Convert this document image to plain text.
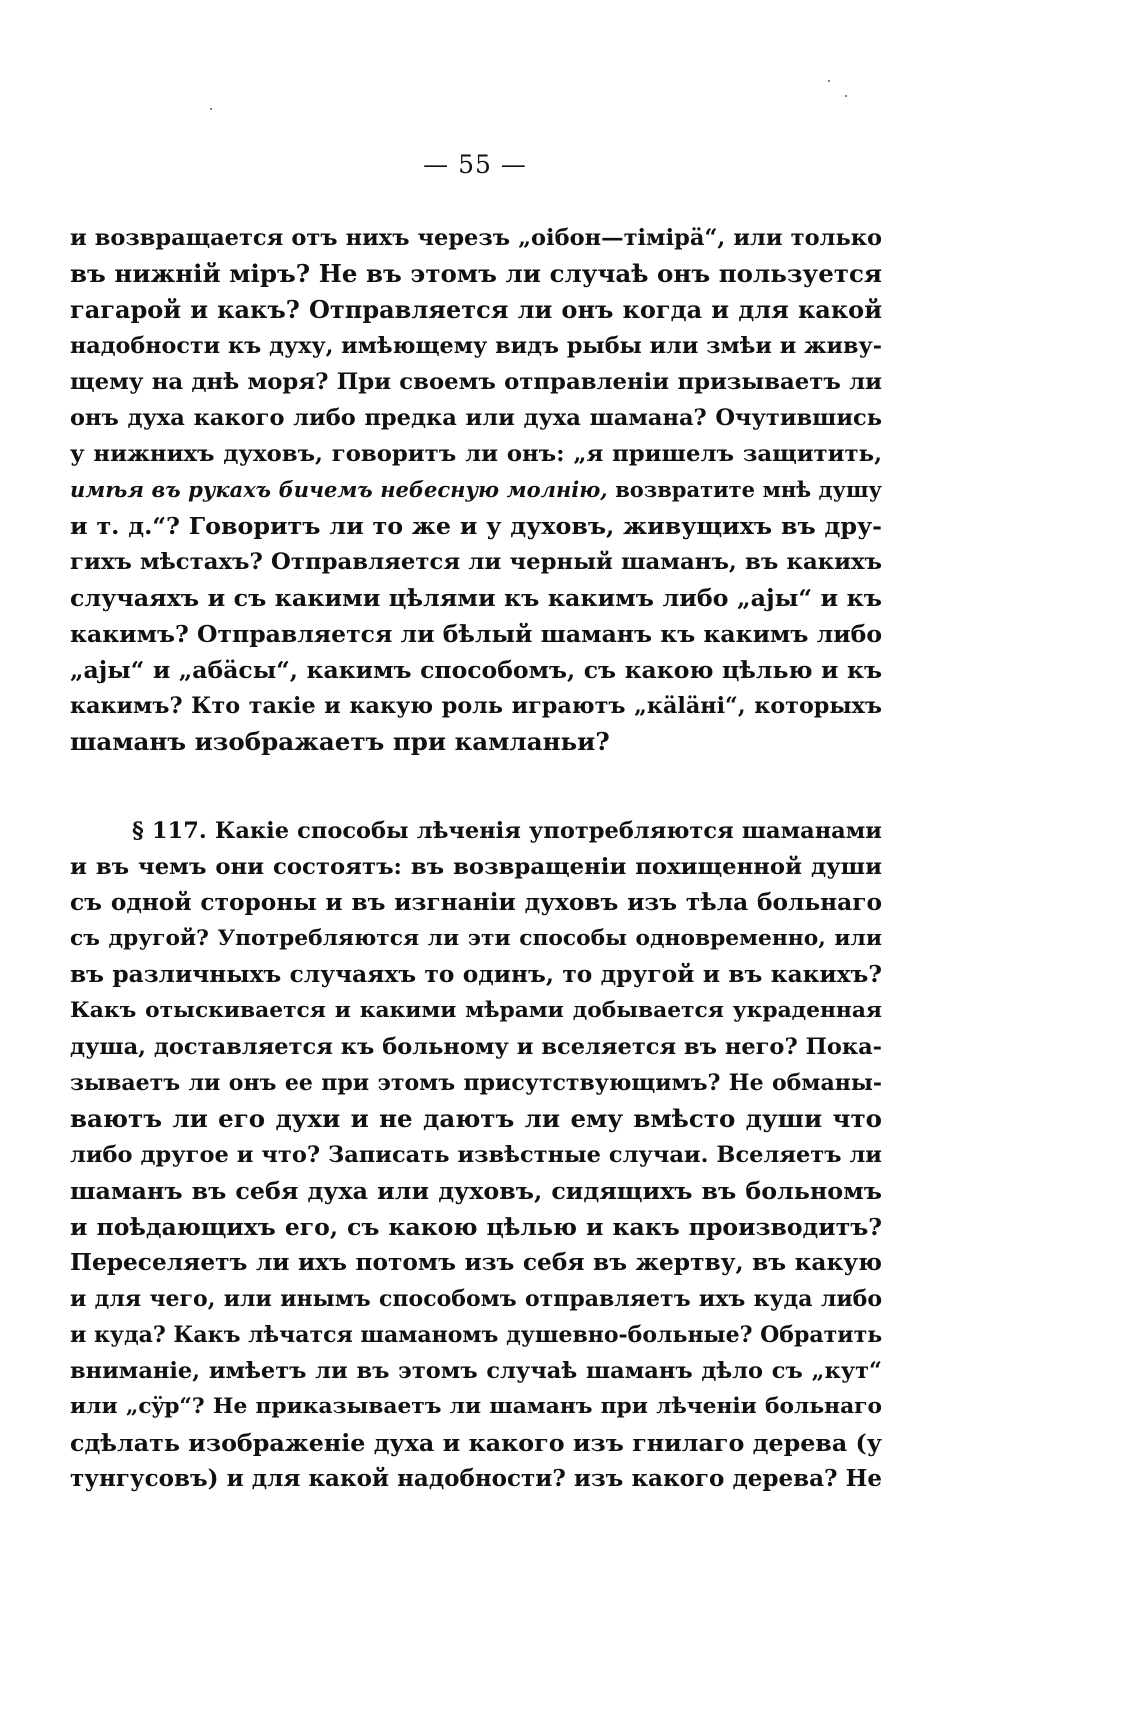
— 55 —
и возвращается отъ нихъ черезъ „оiбон—тiмiрä“, или только
въ нижнiй мiръ? Не въ этомъ ли случаѣ онъ пользуется
гагарой и какъ? Отправляется ли онъ когда и для какой
надобности къ духу, имѣющему видъ рыбы или змѣи и живу-
щему на днѣ моря? При своемъ отправленiи призываетъ ли
онъ духа какого либо предка или духа шамана? Очутившись
у нижнихъ духовъ, говоритъ ли онъ: „я пришелъ защитить,
имѣя въ рукахъ бичемъ небесную молнiю, возвратите мнѣ душу
и т. д.“? Говоритъ ли то же и у духовъ, живущихъ въ дру-
гихъ мѣстахъ? Отправляется ли черный шаманъ, въ какихъ
случаяхъ и съ какими цѣлями къ какимъ либо „аjы“ и къ
какимъ? Отправляется ли бѣлый шаманъ къ какимъ либо
„аjы“ и „абäсы“, какимъ способомъ, съ какою цѣлью и къ
какимъ? Кто такiе и какую роль играютъ „кäläнi“, которыхъ
шаманъ изображаетъ при камланьи?
§ 117. Какiе способы лѣченiя употребляются шаманами
и въ чемъ они состоятъ: въ возвращенiи похищенной души
съ одной стороны и въ изгнанiи духовъ изъ тѣла больнаго
съ другой? Употребляются ли эти способы одновременно, или
въ различныхъ случаяхъ то одинъ, то другой и въ какихъ?
Какъ отыскивается и какими мѣрами добывается украденная
душа, доставляется къ больному и вселяется въ него? Пока-
зываетъ ли онъ ее при этомъ присутствующимъ? Не обманы-
ваютъ ли его духи и не даютъ ли ему вмѣсто души что
либо другое и что? Записать извѣстные случаи. Вселяетъ ли
шаманъ въ себя духа или духовъ, сидящихъ въ больномъ
и поѣдающихъ его, съ какою цѣлью и какъ производитъ?
Переселяетъ ли ихъ потомъ изъ себя въ жертву, въ какую
и для чего, или инымъ способомъ отправляетъ ихъ куда либо
и куда? Какъ лѣчатся шаманомъ душевно-больные? Обратить
вниманiе, имѣетъ ли въ этомъ случаѣ шаманъ дѣло съ „кут“
или „сÿр“? Не приказываетъ ли шаманъ при лѣченiи больнаго
сдѣлать изображенiе духа и какого изъ гнилаго дерева (у
тунгусовъ) и для какой надобности? изъ какого дерева? Не
